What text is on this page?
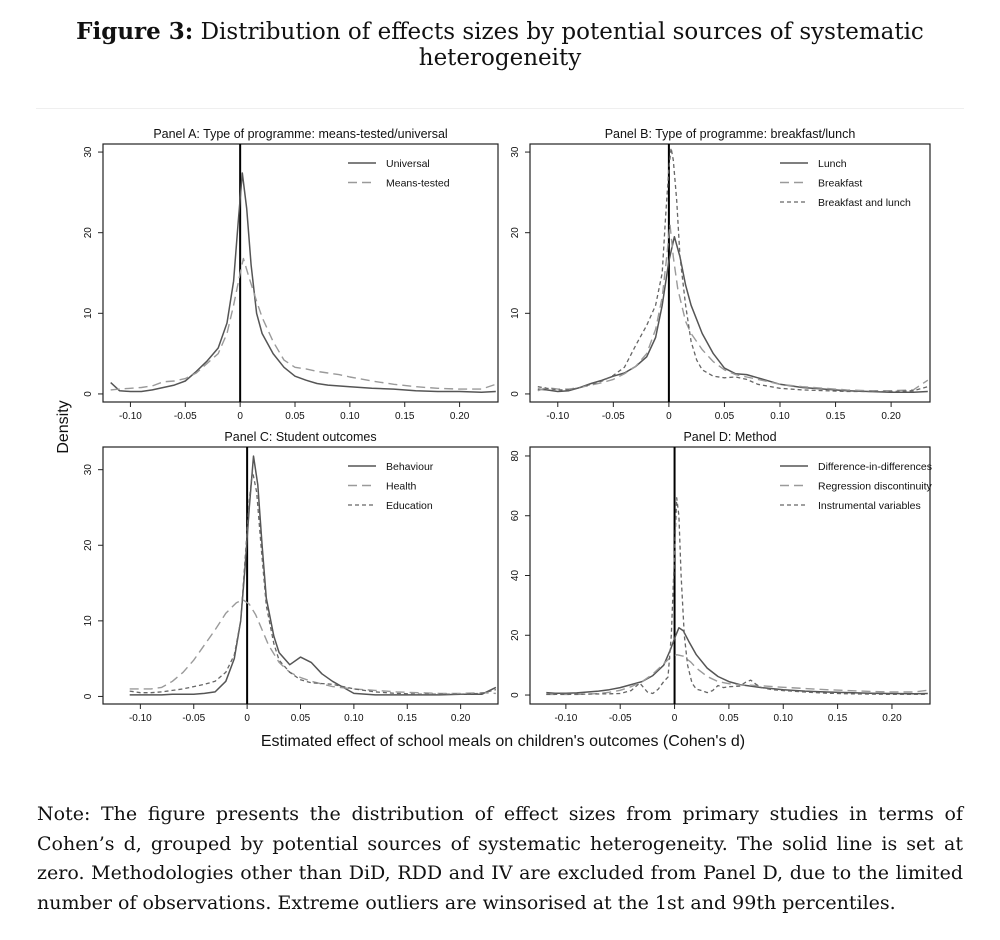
Figure 3: Distribution of effects sizes by potential sources of systematic heterogeneity
Panel A: Type of programme: means-tested/universal
-0.10	-0.05	0	0.05	0.10	0.15	0.20
0
10
20
30
Universal
Means-tested
Panel B: Type of programme: breakfast/lunch
-0.10	-0.05	0	0.05	0.10	0.15	0.20
0
10
20
30
Lunch
Breakfast
Breakfast and lunch
Panel C: Student outcomes
-0.10	-0.05	0	0.05	0.10	0.15	0.20
0
10
20
30	Behaviour
Health
Education
Panel D: Method
-0.10	-0.05	0	0.05	0.10	0.15	0.20
0
20
40
60
80
Difference-in-differences
Regression discontinuity
Instrumental variables
Density
Estimated effect of school meals on children's outcomes (Cohen's d)
Note: The figure presents the distribution of effect sizes from primary studies in terms of Cohen’s d, grouped by potential sources of systematic heterogeneity. The solid line is set at zero. Methodologies other than DiD, RDD and IV are excluded from Panel D, due to the limited number of observations. Extreme outliers are winsorised at the 1st and 99th percentiles.
